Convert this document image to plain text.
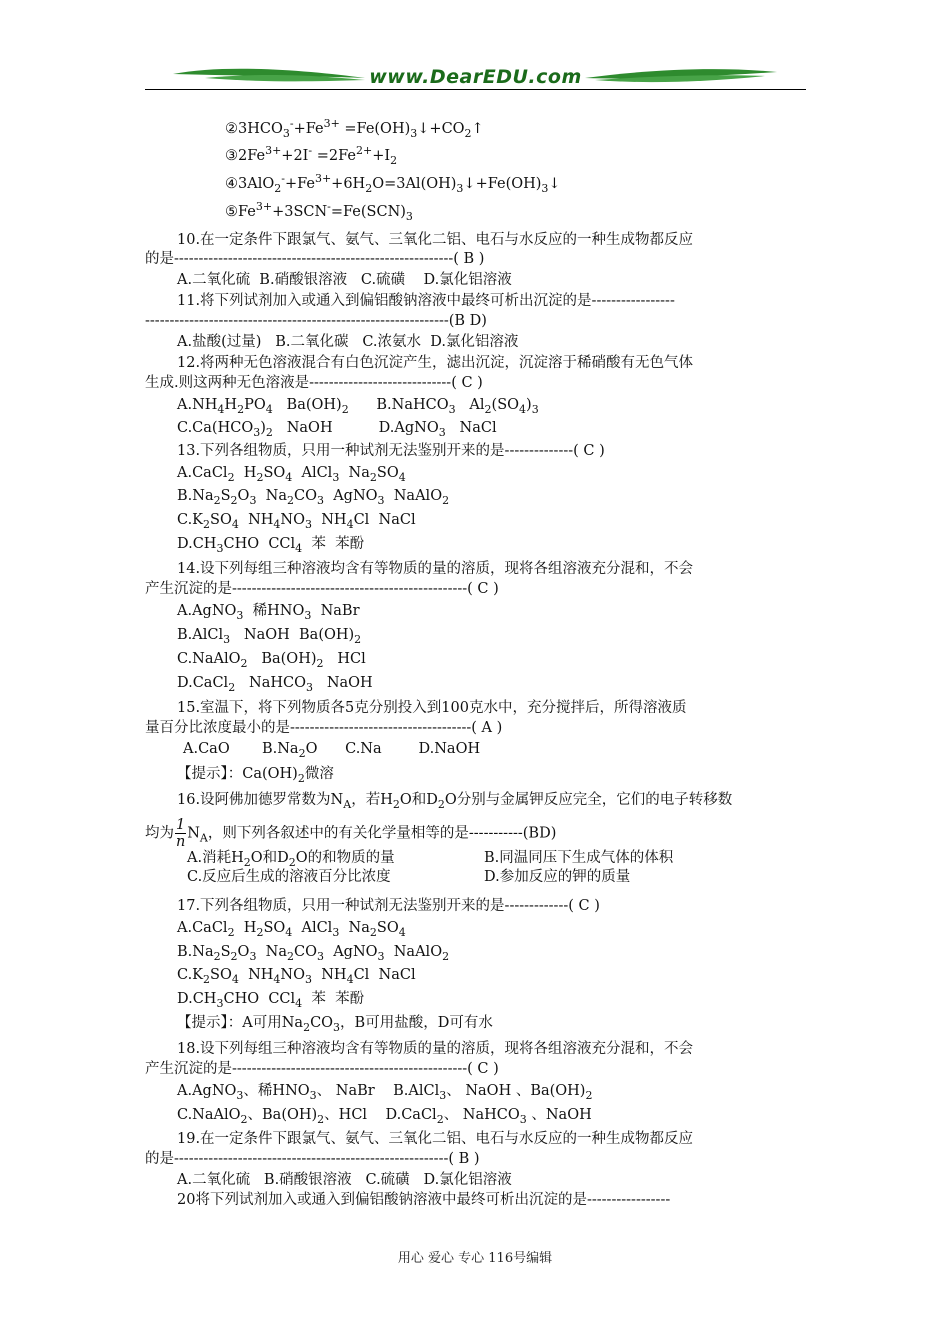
www.DearEDU.com
$②3HCO_3^-+Fe^{3+}$ $=Fe(OH)_3↓+CO_2↑$
$③2Fe^{3+}+2I^- =2Fe^{2+}+I_2$
$④3AlO_2^-+Fe^{3+}+6H_2O=3Al(OH)_3↓+Fe(OH)_3↓$
$⑤Fe^{3+}+3SCN^-=Fe(SCN)_3$
10.在一定条件下跟氯气、氨气、三氧化二铝、电石与水反应的一种生成物都反应
的是---------------------------------------------------------( B )
A.二氧化硫  B.硝酸银溶液   C.硫磺    D.氯化铝溶液
11.将下列试剂加入或通入到偏铝酸钠溶液中最终可析出沉淀的是-----------------
--------------------------------------------------------------(B D)
A.盐酸(过量)   B.二氧化碳   C.浓氨水  D.氯化铝溶液
12.将两种无色溶液混合有白色沉淀产生，滤出沉淀，沉淀溶于稀硝酸有无色气体
生成.则这两种无色溶液是-----------------------------( C )
$A.NH_4H_2PO_4$   $Ba(OH)_2$      B.NaHCO$_3$   $Al_2(SO_4)_3$
$C.Ca(HCO_3)_2$   NaOH          D.AgNO$_3$   NaCl
13.下列各组物质，只用一种试剂无法鉴别开来的是--------------( C )
A.CaCl$_2$  $H_2SO_4$  AlCl$_3$  $Na_2SO_4$
$B.Na_2S_2O_3$  $Na_2CO_3$  AgNO$_3$  NaAlO$_2$
$C.K_2SO_4$  $NH_4NO_3$  $NH_4Cl$  NaCl
$D.CH_3CHO$  CCl$_4$  苯  苯酚
14.设下列每组三种溶液均含有等物质的量的溶质，现将各组溶液充分混和，不会
产生沉淀的是------------------------------------------------( C )
A.AgNO$_3$  稀$HNO_3$  NaBr
B.AlCl$_3$   NaOH  $Ba(OH)_2$
C.NaAlO$_2$   $Ba(OH)_2$   HCl
D.CaCl$_2$   NaHCO$_3$   NaOH
15.室温下，将下列物质各5克分别投入到100克水中，充分搅拌后，所得溶液质
量百分比浓度最小的是-------------------------------------( A )
A.CaO       $B.Na_2O$      C.Na        D.NaOH
【提示】：$Ca(OH)_2$微溶
16.设阿佛加德罗常数为$N_A$，若$H_2O$和$D_2O$分别与金属钾反应完全，它们的电子转移数
均为 $\frac{1}{n}N_A$，则下列各叙述中的有关化学量相等的是-----------(BD)
A.消耗$H_2O$和$D_2O$的和物质的量	B.同温同压下生成气体的体积
C.反应后生成的溶液百分比浓度	D.参加反应的钾的质量
17.下列各组物质，只用一种试剂无法鉴别开来的是-------------( C )
A.CaCl$_2$  $H_2SO_4$  AlCl$_3$  $Na_2SO_4$
$B.Na_2S_2O_3$  $Na_2CO_3$  AgNO$_3$  NaAlO$_2$
$C.K_2SO_4$  $NH_4NO_3$  $NH_4Cl$  NaCl
$D.CH_3CHO$  CCl$_4$  苯  苯酚
【提示】：A可用$Na_2CO_3$，B可用盐酸，D可有水
18.设下列每组三种溶液均含有等物质的量的溶质，现将各组溶液充分混和，不会
产生沉淀的是------------------------------------------------( C )
A.AgNO$_3$、稀$HNO_3$、 NaBr    B.AlCl$_3$、 NaOH 、$Ba(OH)_2$
C.NaAlO$_2$、$Ba(OH)_2$、HCl    D.CaCl$_2$、 NaHCO$_3$ 、NaOH
19.在一定条件下跟氯气、氨气、三氧化二铝、电石与水反应的一种生成物都反应
的是--------------------------------------------------------( B )
A.二氧化硫   B.硝酸银溶液   C.硫磺   D.氯化铝溶液
20将下列试剂加入或通入到偏铝酸钠溶液中最终可析出沉淀的是-----------------
用心 爱心 专心 116号编辑
